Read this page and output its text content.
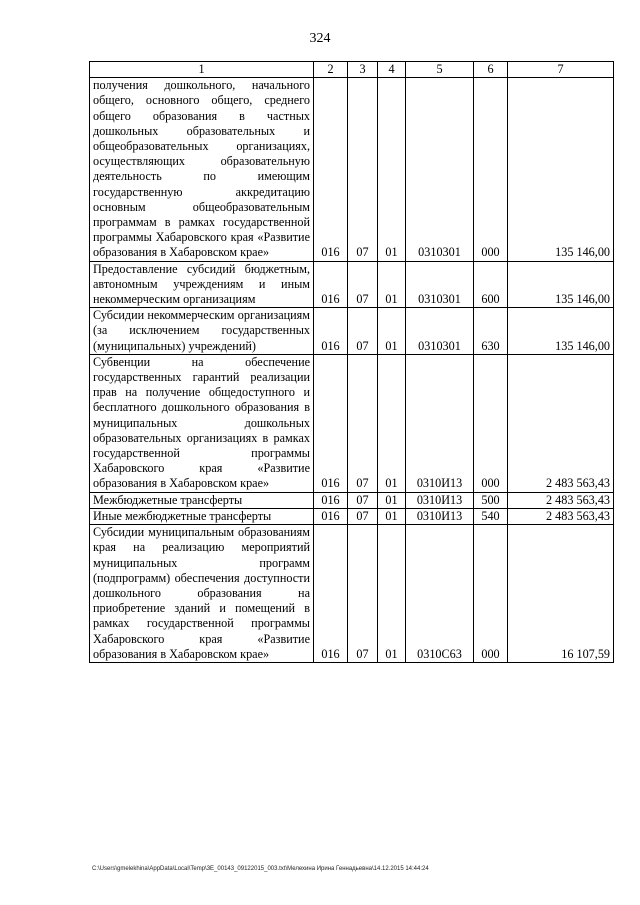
324
1	2	3	4	5	6	7
получения дошкольного, начального общего, основного общего, среднего общего образования в частных дошкольных образовательных и общеобразовательных организациях, осуществляющих образовательную деятельность по имеющим государственную аккредитацию основным общеобразовательным программам в рамках государственной программы Хабаровского края «Развитие образования в Хабаровском крае»	016	07	01	0310301	000	135 146,00
Предоставление субсидий бюджетным, автономным учреждениям и иным некоммерческим организациям	016	07	01	0310301	600	135 146,00
Субсидии некоммерческим организациям (за исключением государственных (муниципальных) учреждений)	016	07	01	0310301	630	135 146,00
Субвенции на обеспечение государственных гарантий реализации прав на получение общедоступного и бесплатного дошкольного образования в муниципальных дошкольных образовательных организациях в рамках государственной программы Хабаровского края «Развитие образования в Хабаровском крае»	016	07	01	0310И13	000	2 483 563,43
Межбюджетные трансферты	016	07	01	0310И13	500	2 483 563,43
Иные межбюджетные трансферты	016	07	01	0310И13	540	2 483 563,43
Субсидии муниципальным образованиям края на реализацию мероприятий муниципальных программ (подпрограмм) обеспечения доступности дошкольного образования на приобретение зданий и помещений в рамках государственной программы Хабаровского края «Развитие образования в Хабаровском крае»	016	07	01	0310С63	000	16 107,59
C:\Users\gmelekhina\AppData\Local\Temp\3E_00143_09122015_003.txt\Мелехина Ирина Геннадьевна\14.12.2015 14:44:24
